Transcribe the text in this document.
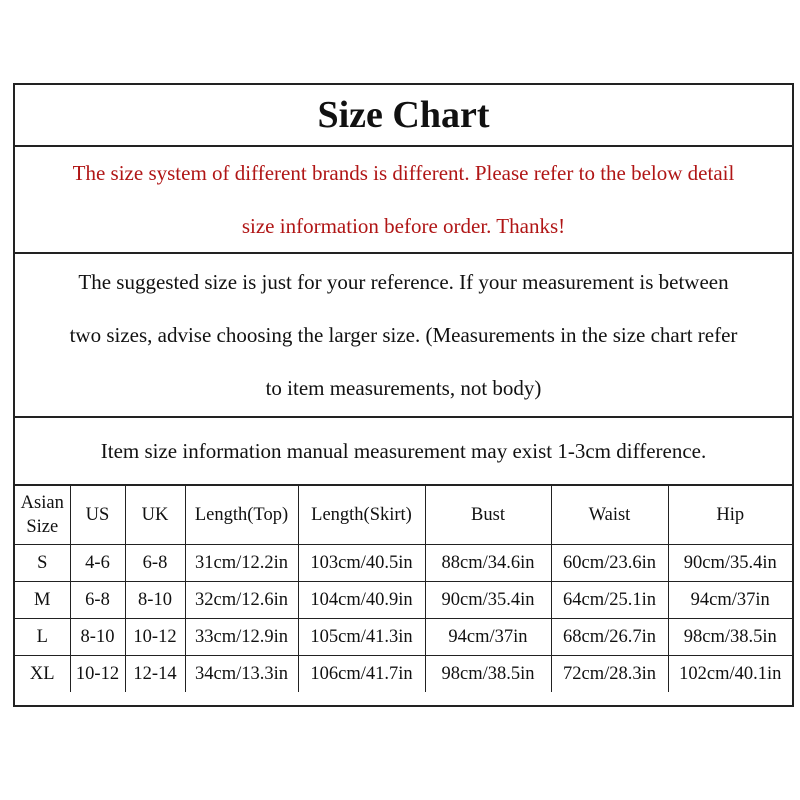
Size Chart
The size system of different brands is different. Please refer to the below detail
size information before order. Thanks!
The suggested size is just for your reference. If your measurement is between
two sizes, advise choosing the larger size. (Measurements in the size chart refer
to item measurements, not body)
Item size information manual measurement may exist 1-3cm difference.
Asian
Size	US	UK	Length(Top)	Length(Skirt)	Bust	Waist	Hip
S	4-6	6-8	31cm/12.2in	103cm/40.5in	88cm/34.6in	60cm/23.6in	90cm/35.4in
M	6-8	8-10	32cm/12.6in	104cm/40.9in	90cm/35.4in	64cm/25.1in	94cm/37in
L	8-10	10-12	33cm/12.9in	105cm/41.3in	94cm/37in	68cm/26.7in	98cm/38.5in
XL	10-12	12-14	34cm/13.3in	106cm/41.7in	98cm/38.5in	72cm/28.3in	102cm/40.1in
